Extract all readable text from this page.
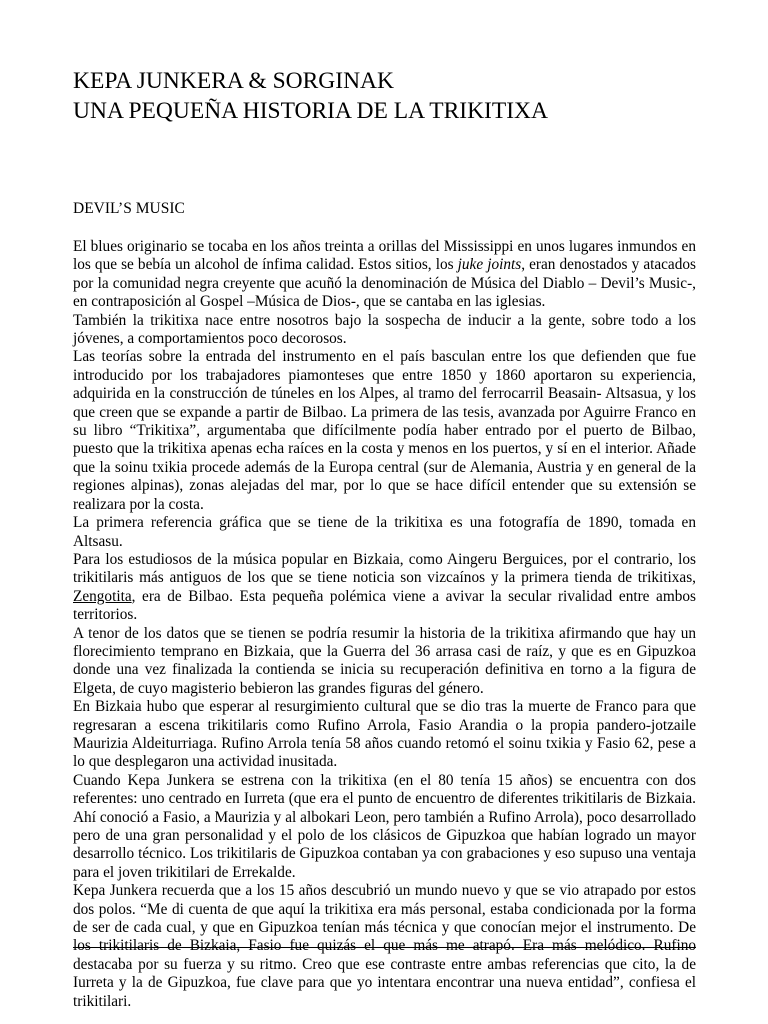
KEPA JUNKERA & SORGINAK
UNA PEQUEÑA HISTORIA DE LA TRIKITIXA
DEVIL’S MUSIC

El blues originario se tocaba en los años treinta a orillas del Mississippi en unos lugares inmundos en los que se bebía un alcohol de ínfima calidad. Estos sitios, los juke joints, eran denostados y atacados por la comunidad negra creyente que acuñó la denominación de Música del Diablo – Devil’s Music-, en contraposición al Gospel –Música de Dios-, que se cantaba en las iglesias.

También la trikitixa nace entre nosotros bajo la sospecha de inducir a la gente, sobre todo a los jóvenes, a comportamientos poco decorosos.

Las teorías sobre la entrada del instrumento en el país basculan entre los que defienden que fue introducido por los trabajadores piamonteses que entre 1850 y 1860 aportaron su experiencia, adquirida en la construcción de túneles en los Alpes, al tramo del ferrocarril Beasain- Altsasua, y los que creen que se expande a partir de Bilbao. La primera de las tesis, avanzada por Aguirre Franco en su libro “Trikitixa”, argumentaba que difícilmente podía haber entrado por el puerto de Bilbao, puesto que la trikitixa apenas echa raíces en la costa y menos en los puertos, y sí en el interior. Añade que la soinu txikia procede además de la Europa central (sur de Alemania, Austria y en general de la regiones alpinas), zonas alejadas del mar, por lo que se hace difícil entender que su extensión se realizara por la costa.

La primera referencia gráfica que se tiene de la trikitixa es una fotografía de 1890, tomada en Altsasu.

Para los estudiosos de la música popular en Bizkaia, como Aingeru Berguices, por el contrario, los trikitilaris más antiguos de los que se tiene noticia son vizcaínos y la primera tienda de trikitixas, Zengotita, era de Bilbao. Esta pequeña polémica viene a avivar la secular rivalidad entre ambos territorios.

A tenor de los datos que se tienen se podría resumir la historia de la trikitixa afirmando que hay un florecimiento temprano en Bizkaia, que la Guerra del 36 arrasa casi de raíz, y que es en Gipuzkoa donde una vez finalizada la contienda se inicia su recuperación definitiva en torno a la figura de Elgeta, de cuyo magisterio bebieron las grandes figuras del género.

En Bizkaia hubo que esperar al resurgimiento cultural que se dio tras la muerte de Franco para que regresaran a escena trikitilaris como Rufino Arrola, Fasio Arandia o la propia pandero-jotzaile Maurizia Aldeiturriaga. Rufino Arrola tenía 58 años cuando retomó el soinu txikia y Fasio 62, pese a lo que desplegaron una actividad inusitada.

Cuando Kepa Junkera se estrena con la trikitixa (en el 80 tenía 15 años) se encuentra con dos referentes: uno centrado en Iurreta (que era el punto de encuentro de diferentes trikitilaris de Bizkaia. Ahí conoció a Fasio, a Maurizia y al albokari Leon, pero también a Rufino Arrola), poco desarrollado pero de una gran personalidad y el polo de los clásicos de Gipuzkoa que habían logrado un mayor desarrollo técnico. Los trikitilaris de Gipuzkoa contaban ya con grabaciones y eso supuso una ventaja para el joven trikitilari de Errekalde.

Kepa Junkera recuerda que a los 15 años descubrió un mundo nuevo y que se vio atrapado por estos dos polos. “Me di cuenta de que aquí la trikitixa era más personal, estaba condicionada por la forma de ser de cada cual, y que en Gipuzkoa tenían más técnica y que conocían mejor el instrumento. De los trikitilaris de Bizkaia, Fasio fue quizás el que más me atrapó. Era más melódico. Rufino destacaba por su fuerza y su ritmo. Creo que ese contraste entre ambas referencias que cito, la de Iurreta y la de Gipuzkoa, fue clave para que yo intentara encontrar una nueva entidad”, confiesa el trikitilari.
